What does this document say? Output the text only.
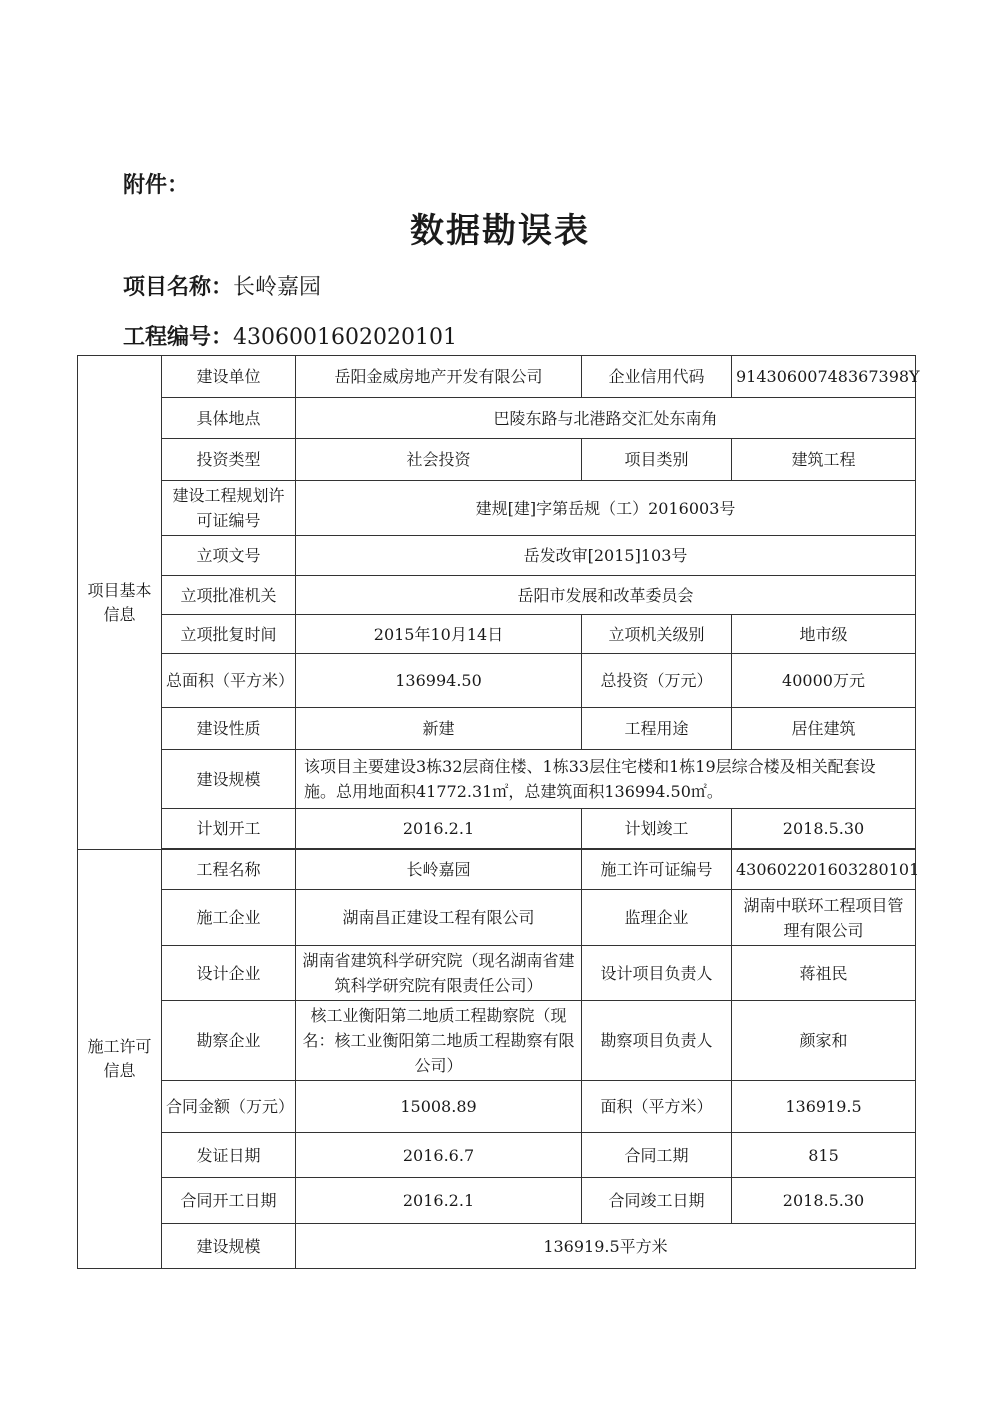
附件：
数据勘误表
项目名称：长岭嘉园
工程编号：4306001602020101
项目基本信息	建设单位	岳阳金威房地产开发有限公司	企业信用代码	91430600748367398Y
	具体地点	巴陵东路与北港路交汇处东南角		
	投资类型	社会投资	项目类别	建筑工程
	建设工程规划许可证编号	建规[建]字第岳规（工）2016003号		
	立项文号	岳发改审[2015]103号		
	立项批准机关	岳阳市发展和改革委员会		
	立项批复时间	2015年10月14日	立项机关级别	地市级
	总面积（平方米）	136994.50	总投资（万元）	40000万元
	建设性质	新建	工程用途	居住建筑
	建设规模	该项目主要建设3栋32层商住楼、1栋33层住宅楼和1栋19层综合楼及相关配套设施。总用地面积41772.31㎡，总建筑面积136994.50㎡。		
	计划开工	2016.2.1	计划竣工	2018.5.30

施工许可信息	工程名称	长岭嘉园	施工许可证编号	430602201603280101
	施工企业	湖南昌正建设工程有限公司	监理企业	湖南中联环工程项目管理有限公司
	设计企业	湖南省建筑科学研究院（现名湖南省建筑科学研究院有限责任公司）	设计项目负责人	蒋祖民
	勘察企业	核工业衡阳第二地质工程勘察院（现名：核工业衡阳第二地质工程勘察有限公司）	勘察项目负责人	颜家和
	合同金额（万元）	15008.89	面积（平方米）	136919.5
	发证日期	2016.6.7	合同工期	815
	合同开工日期	2016.2.1	合同竣工日期	2018.5.30
	建设规模	136919.5平方米		
